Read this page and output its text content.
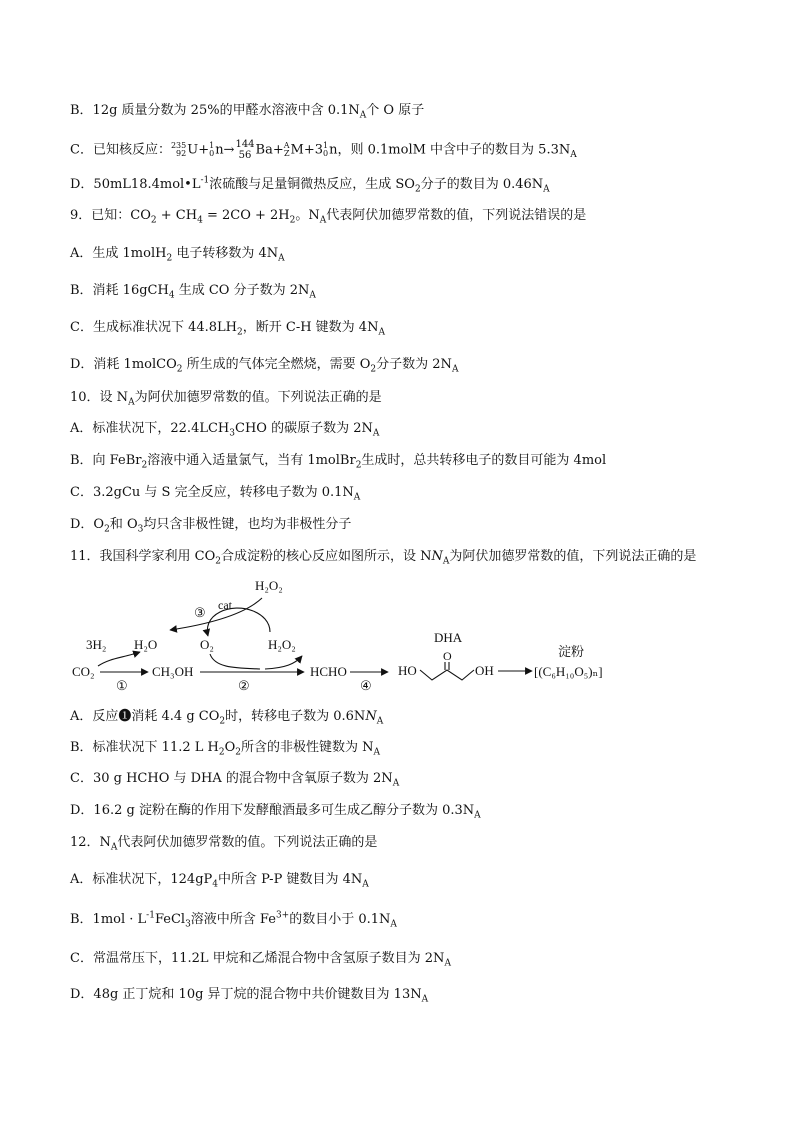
B．12g 质量分数为 25%的甲醛水溶液中含 $0.1N_A$个 O 原子
C．已知核反应： 235
92 U+ 1
0 n→ 144
56 Ba+ A
Z M+3 1
0 n，则 0.1molM 中含中子的数目为 $5.3N_A$
D．$50mL18.4mol•L^{-1}$浓硫酸与足量铜微热反应，生成 $SO_2$分子的数目为 $0.46N_A$
9．已知：$CO_2 + CH_4 = 2CO + 2H_2$。$N_A$代表阿伏加德罗常数的值，下列说法错误的是
A．生成 1molH$_2$ 电子转移数为 $4N_A$
B．消耗 16gCH$_4$ 生成 CO 分子数为 $2N_A$
C．生成标准状况下 $44.8LH_2$，断开 C-H 键数为 $4N_A$
D．消耗 1molCO$_2$ 所生成的气体完全燃烧，需要 $O_2$分子数为 $2N_A$
10．设 $N_A$为阿伏加德罗常数的值。下列说法正确的是
A．标准状况下，$22.4LCH_3CHO$ 的碳原子数为 $2N_A$
B．向 FeBr$_2$溶液中通入适量氯气，当有 1molBr$_2$生成时，总共转移电子的数目可能为 4mol
C．3.2gCu 与 S 完全反应，转移电子数为 $0.1N_A$
D．$O_2$和 $O_3$均只含非极性键，也均为非极性分子
11．我国科学家利用 $CO_2$合成淀粉的核心反应如图所示，设 $NN_A$为阿伏加德罗常数的值，下列说法正确的是
H₂O₂
cat
③
3H₂ H₂O	O₂	H₂O₂
CO₂
①
CH₃OH
②
HCHO
④
DHA
HO
O
OH
淀粉
[(C₆H₁₀O₅)ₙ]
A．反应❶消耗 4.4 g $CO_2$时，转移电子数为 $0.6NN_A$
B．标准状况下 11.2 L $H_2O_2$所含的非极性键数为 $N_A$
C．30 g HCHO 与 DHA 的混合物中含氧原子数为 $2N_A$
D．16.2 g 淀粉在酶的作用下发酵酿酒最多可生成乙醇分子数为 $0.3N_A$
12．$N_A$代表阿伏加德罗常数的值。下列说法正确的是
A．标准状况下，$124gP_4$中所含 P-P 键数目为 $4N_A$
B．$1mol \cdot L^{-1}FeCl_3$溶液中所含 $Fe^{3+}$的数目小于 $0.1N_A$
C．常温常压下，11.2L 甲烷和乙烯混合物中含氢原子数目为 $2N_A$
D．48g 正丁烷和 10g 异丁烷的混合物中共价键数目为 $13N_A$
